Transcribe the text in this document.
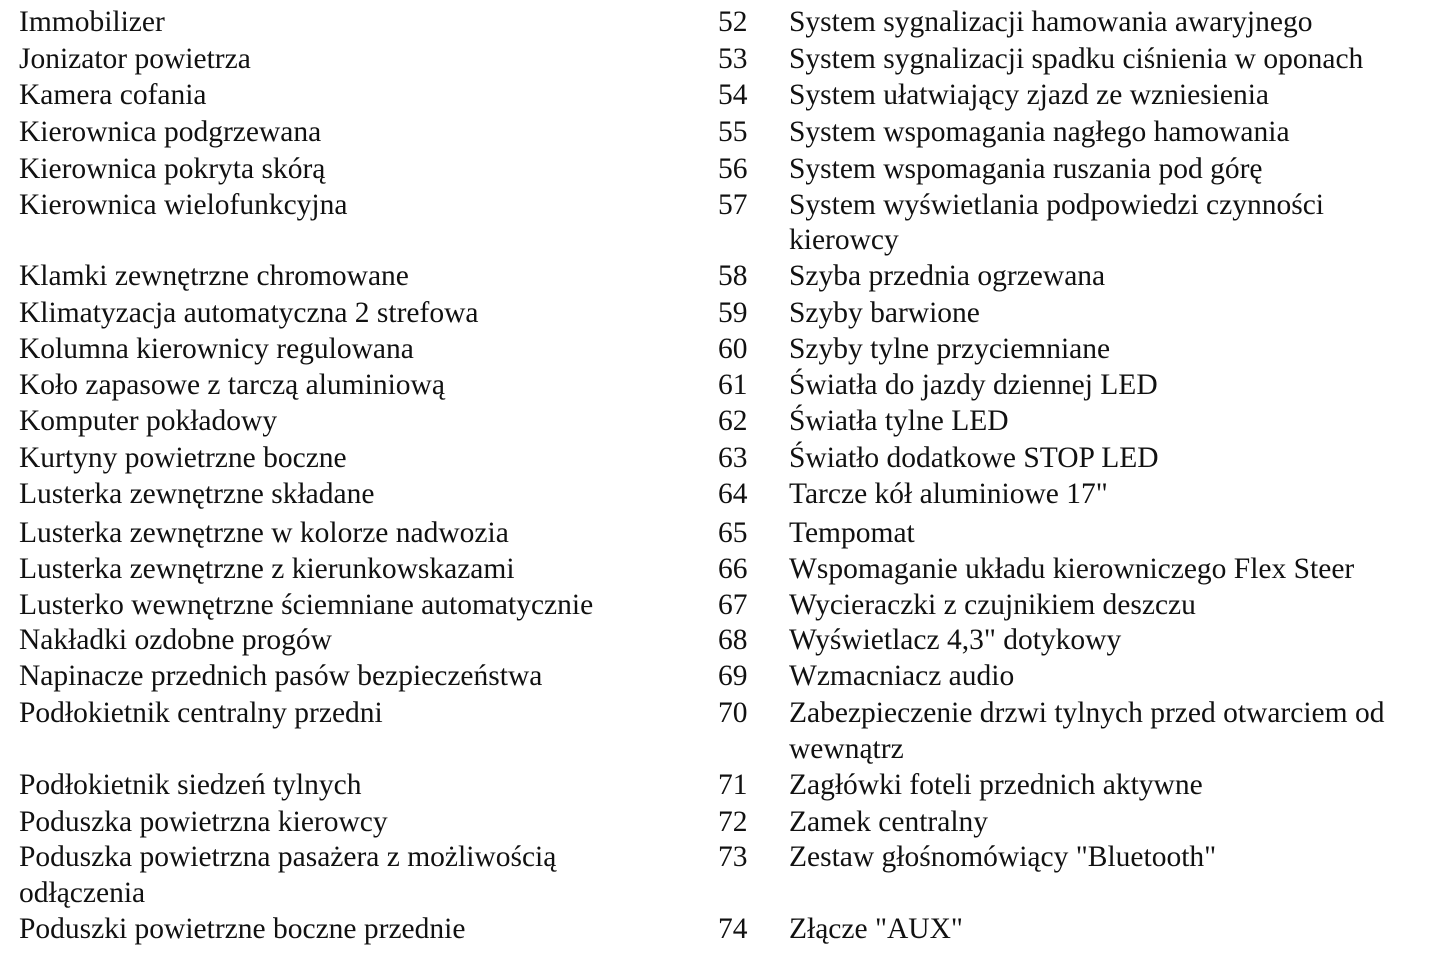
Immobilizer
Jonizator powietrza
Kamera cofania
Kierownica podgrzewana
Kierownica pokryta skórą
Kierownica wielofunkcyjna
Klamki zewnętrzne chromowane
Klimatyzacja automatyczna 2 strefowa
Kolumna kierownicy regulowana
Koło zapasowe z tarczą aluminiową
Komputer pokładowy
Kurtyny powietrzne boczne
Lusterka zewnętrzne składane
Lusterka zewnętrzne w kolorze nadwozia
Lusterka zewnętrzne z kierunkowskazami
Lusterko wewnętrzne ściemniane automatycznie
Nakładki ozdobne progów
Napinacze przednich pasów bezpieczeństwa
Podłokietnik centralny przedni
Podłokietnik siedzeń tylnych
Poduszka powietrzna kierowcy
Poduszka powietrzna pasażera z możliwością
odłączenia
Poduszki powietrzne boczne przednie
52
53
54
55
56
57
58
59
60
61
62
63
64
65
66
67
68
69
70
71
72
73
74
System sygnalizacji hamowania awaryjnego
System sygnalizacji spadku ciśnienia w oponach
System ułatwiający zjazd ze wzniesienia
System wspomagania nagłego hamowania
System wspomagania ruszania pod górę
System wyświetlania podpowiedzi czynności
kierowcy
Szyba przednia ogrzewana
Szyby barwione
Szyby tylne przyciemniane
Światła do jazdy dziennej LED
Światła tylne LED
Światło dodatkowe STOP LED
Tarcze kół aluminiowe 17"
Tempomat
Wspomaganie układu kierowniczego Flex Steer
Wycieraczki z czujnikiem deszczu
Wyświetlacz 4,3" dotykowy
Wzmacniacz audio
Zabezpieczenie drzwi tylnych przed otwarciem od
wewnątrz
Zagłówki foteli przednich aktywne
Zamek centralny
Zestaw głośnomówiący "Bluetooth"
Złącze "AUX"
